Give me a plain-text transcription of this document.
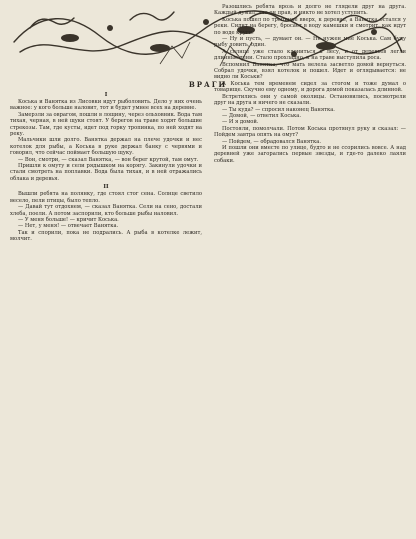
ВРАГИ
I

Коська и Ванятка из Лисовки идут рыболовить. Дело у них очень важное: у кого больше наловит, тот и будет умнее всех на деревне.

Замерзли за оврагом, пошли в лощину, через ольховник. Вода там тихая, черная, в ней щуки стоят. У берегов на траве ходят большие стрекозы. Там, где кусты, идет под горку тропинка, по ней ходят на реку.

Мальчики шли долго. Ванятка держал на плече удочки и нес котелок для рыбы, а Коська в руке держал банку с червями и говорил, что сейчас поймает большую щуку.

— Вон, смотри, — сказал Ванятка, — вон берег крутой, там омут.

Пришли к омуту и сели рядышком на корягу. Закинули удочки и стали смотреть на поплавки. Вода была тихая, и в ней отражались облака и деревья.

II

Вышли ребята на полянку, где стоял стог сена. Солнце светило весело, пели птицы, было тепло.

— Давай тут отдохнем, — сказал Ванятка. Сели на сено, достали хлеба, поели. А потом заспорили, кто больше рыбы наловил.

— У меня больше! — кричит Коська.

— Нет, у меня! — отвечает Ванятка.

Так и спорили, пока не подрались. А рыба в котелке лежит, молчит.

Разошлись ребята врозь и долго не глядели друг на друга. Каждый думал, что он прав, и никто не хотел уступить.

Коська пошел по тропинке вверх, к деревне, а Ванятка остался у реки. Сидит на берегу, бросает в воду камешки и смотрит, как идут по воде круги.

— Ну и пусть, — думает он. — Не нужен мне Коська. Сам буду рыбу ловить, один.

А солнце уже стало клониться к лесу, и от деревьев легли длинные тени. Стало прохладно, и на траве выступила роса.

Вспомнил Ванятка, что мать велела засветло домой вернуться. Собрал удочки, взял котелок и пошел. Идет и оглядывается: не видно ли Коськи?

А Коська тем временем сидел за стогом и тоже думал о товарище. Скучно ему одному, и дорога домой показалась длинной.

Встретились они у самой околицы. Остановились, посмотрели друг на друга и ничего не сказали.

— Ты куда? — спросил наконец Ванятка.

— Домой, — ответил Коська.

— И я домой.

Постояли, помолчали. Потом Коська протянул руку и сказал: — Пойдем завтра опять на омут?

— Пойдем, — обрадовался Ванятка.

И пошли они вместе по улице, будто и не ссорились вовсе. А над деревней уже загорались первые звезды, и где-то далеко лаяли собаки.
